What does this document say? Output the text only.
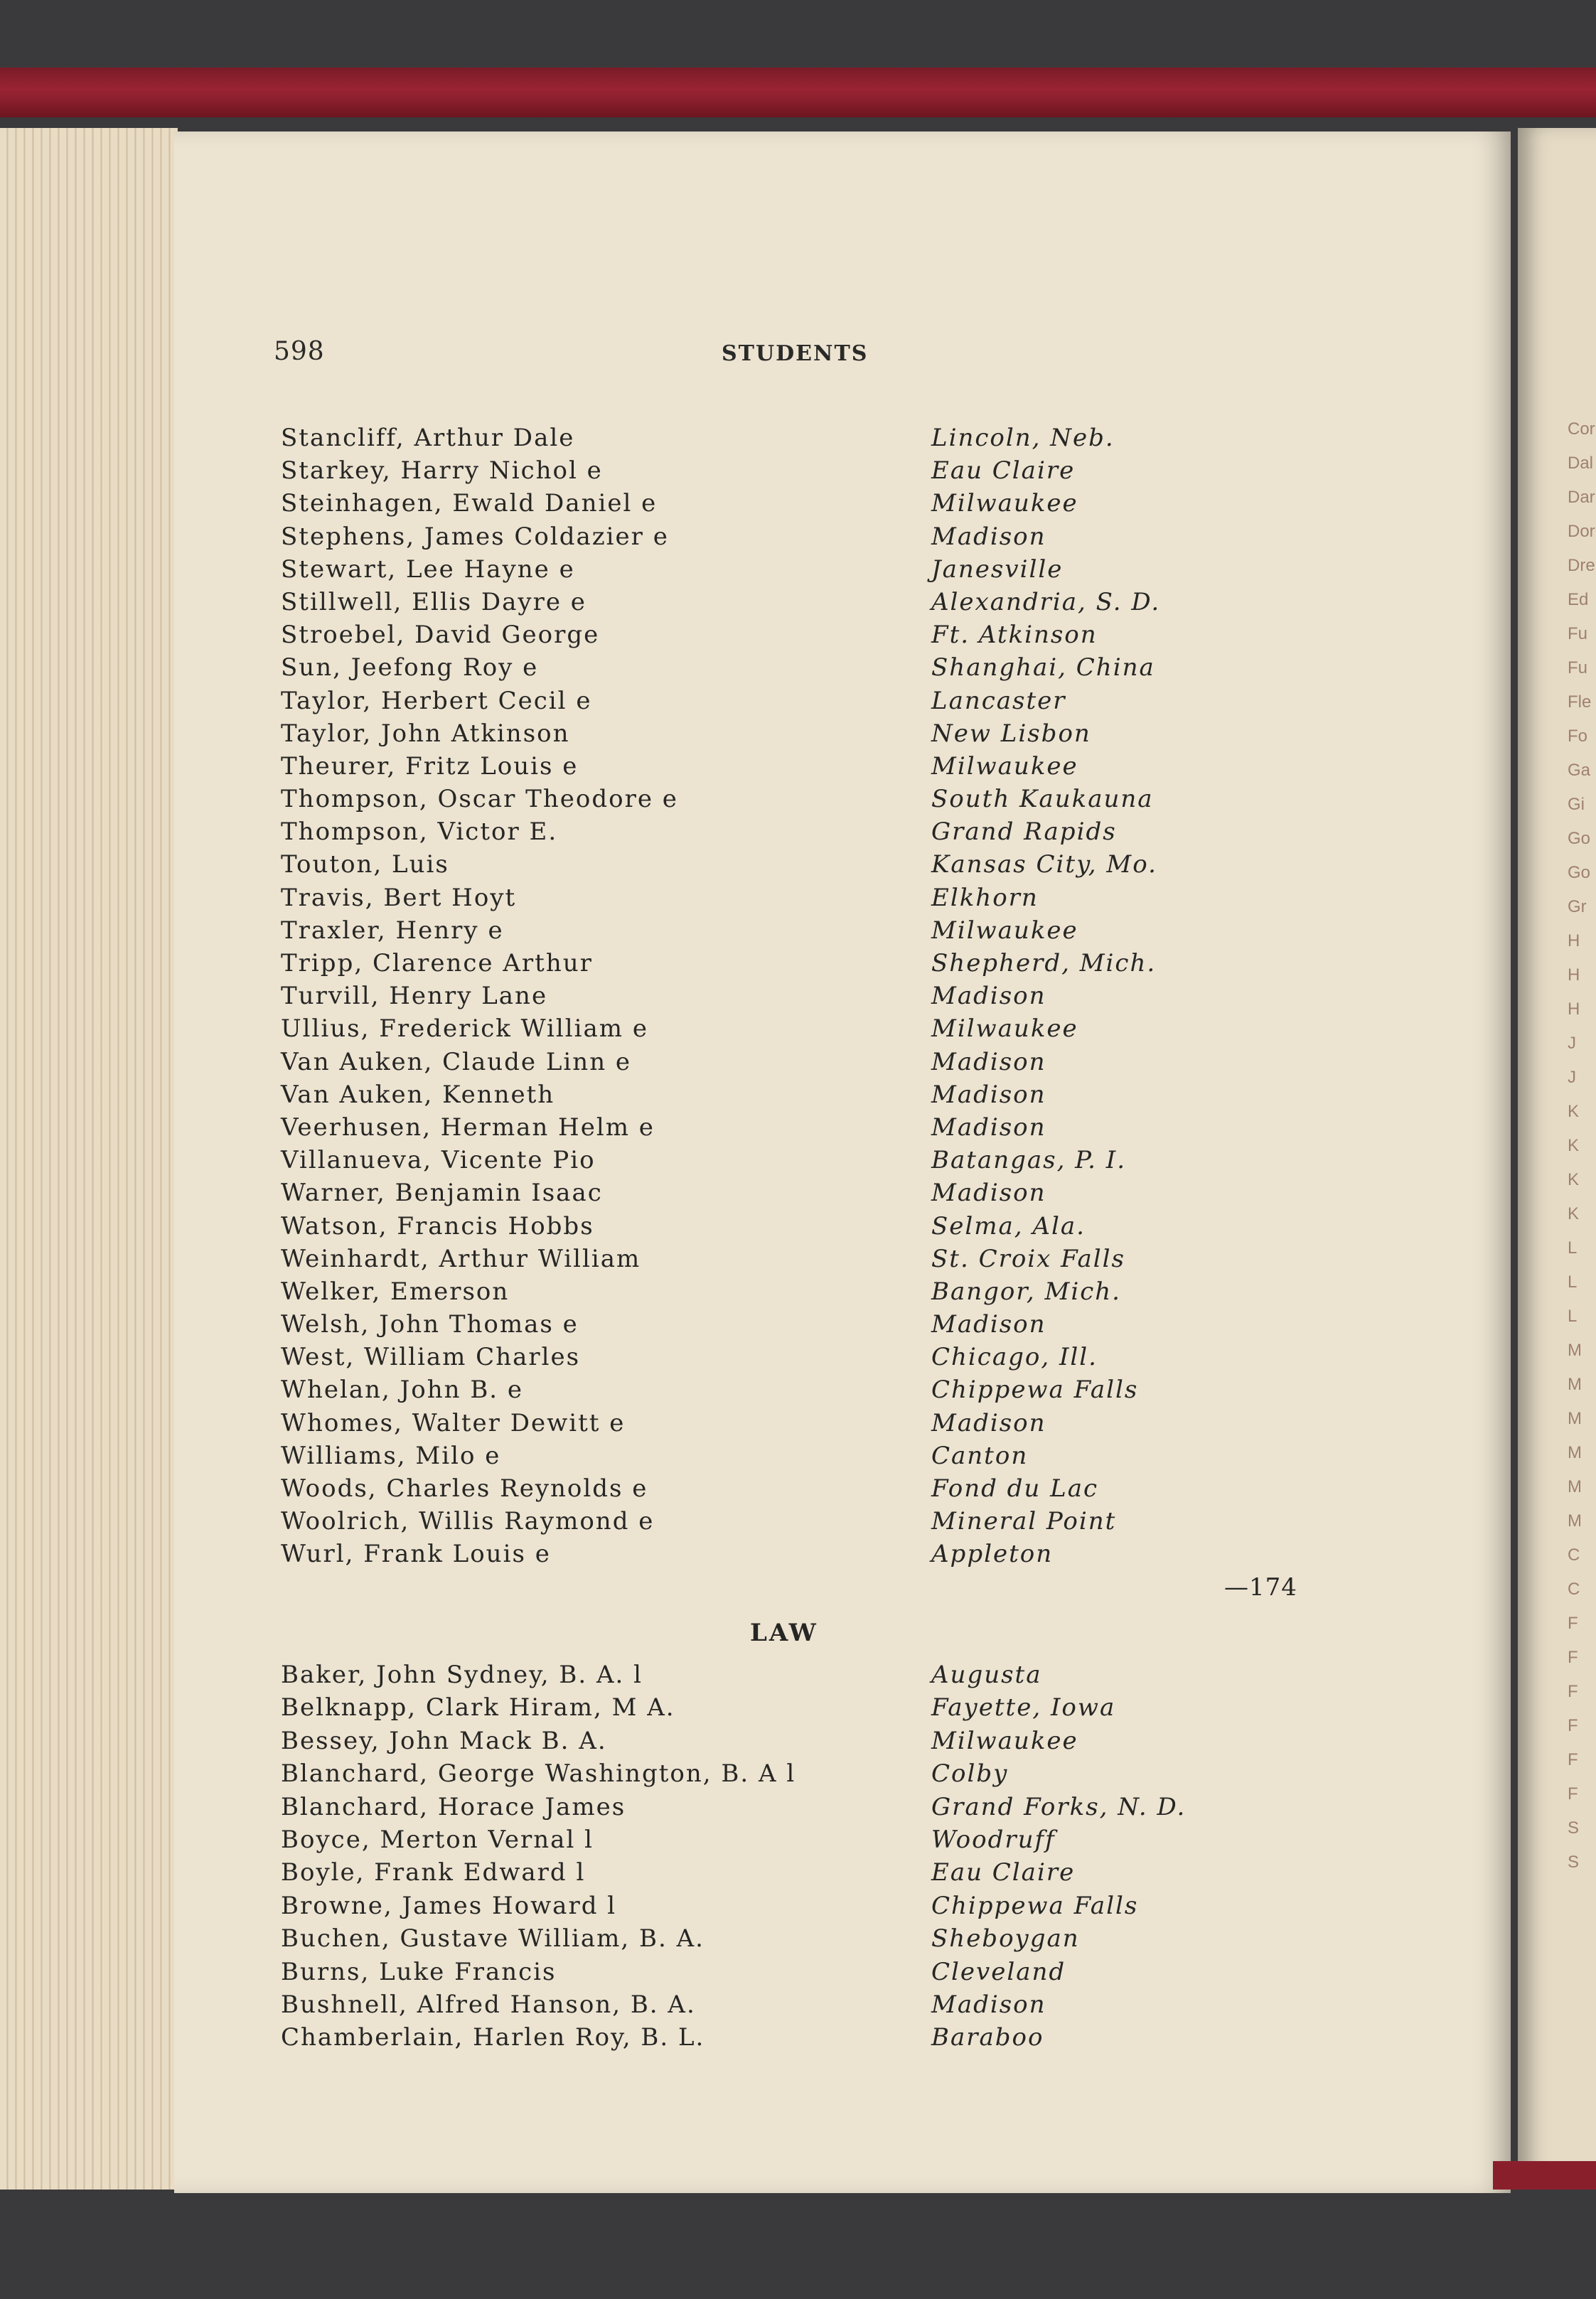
598	STUDENTS
Stancliff, Arthur Dale	Lincoln, Neb.
Starkey, Harry Nichol e	Eau Claire
Steinhagen, Ewald Daniel e	Milwaukee
Stephens, James Coldazier e	Madison
Stewart, Lee Hayne e	Janesville
Stillwell, Ellis Dayre e	Alexandria, S. D.
Stroebel, David George	Ft. Atkinson
Sun, Jeefong Roy e	Shanghai, China
Taylor, Herbert Cecil e	Lancaster
Taylor, John Atkinson	New Lisbon
Theurer, Fritz Louis e	Milwaukee
Thompson, Oscar Theodore e	South Kaukauna
Thompson, Victor E.	Grand Rapids
Touton, Luis	Kansas City, Mo.
Travis, Bert Hoyt	Elkhorn
Traxler, Henry e	Milwaukee
Tripp, Clarence Arthur	Shepherd, Mich.
Turvill, Henry Lane	Madison
Ullius, Frederick William e	Milwaukee
Van Auken, Claude Linn e	Madison
Van Auken, Kenneth	Madison
Veerhusen, Herman Helm e	Madison
Villanueva, Vicente Pio	Batangas, P. I.
Warner, Benjamin Isaac	Madison
Watson, Francis Hobbs	Selma, Ala.
Weinhardt, Arthur William	St. Croix Falls
Welker, Emerson	Bangor, Mich.
Welsh, John Thomas e	Madison
West, William Charles	Chicago, Ill.
Whelan, John B. e	Chippewa Falls
Whomes, Walter Dewitt e	Madison
Williams, Milo e	Canton
Woods, Charles Reynolds e	Fond du Lac
Woolrich, Willis Raymond e	Mineral Point
Wurl, Frank Louis e	Appleton
—174
LAW
Baker, John Sydney, B. A. l	Augusta
Belknapp, Clark Hiram, M A.	Fayette, Iowa
Bessey, John Mack B. A.	Milwaukee
Blanchard, George Washington, B. A l	Colby
Blanchard, Horace James	Grand Forks, N. D.
Boyce, Merton Vernal l	Woodruff
Boyle, Frank Edward l	Eau Claire
Browne, James Howard l	Chippewa Falls
Buchen, Gustave William, B. A.	Sheboygan
Burns, Luke Francis	Cleveland
Bushnell, Alfred Hanson, B. A.	Madison
Chamberlain, Harlen Roy, B. L.	Baraboo
Cor
Dal
Dar
Dor
Dre
Ed
Fu
Fu
Fle
Fo
Ga
Gi
Go
Go
Gr
H
H
H
J
J
K
K
K
K
L
L
L
M
M
M
M
M
M
C
C
F
F
F
F
F
F
S
S
